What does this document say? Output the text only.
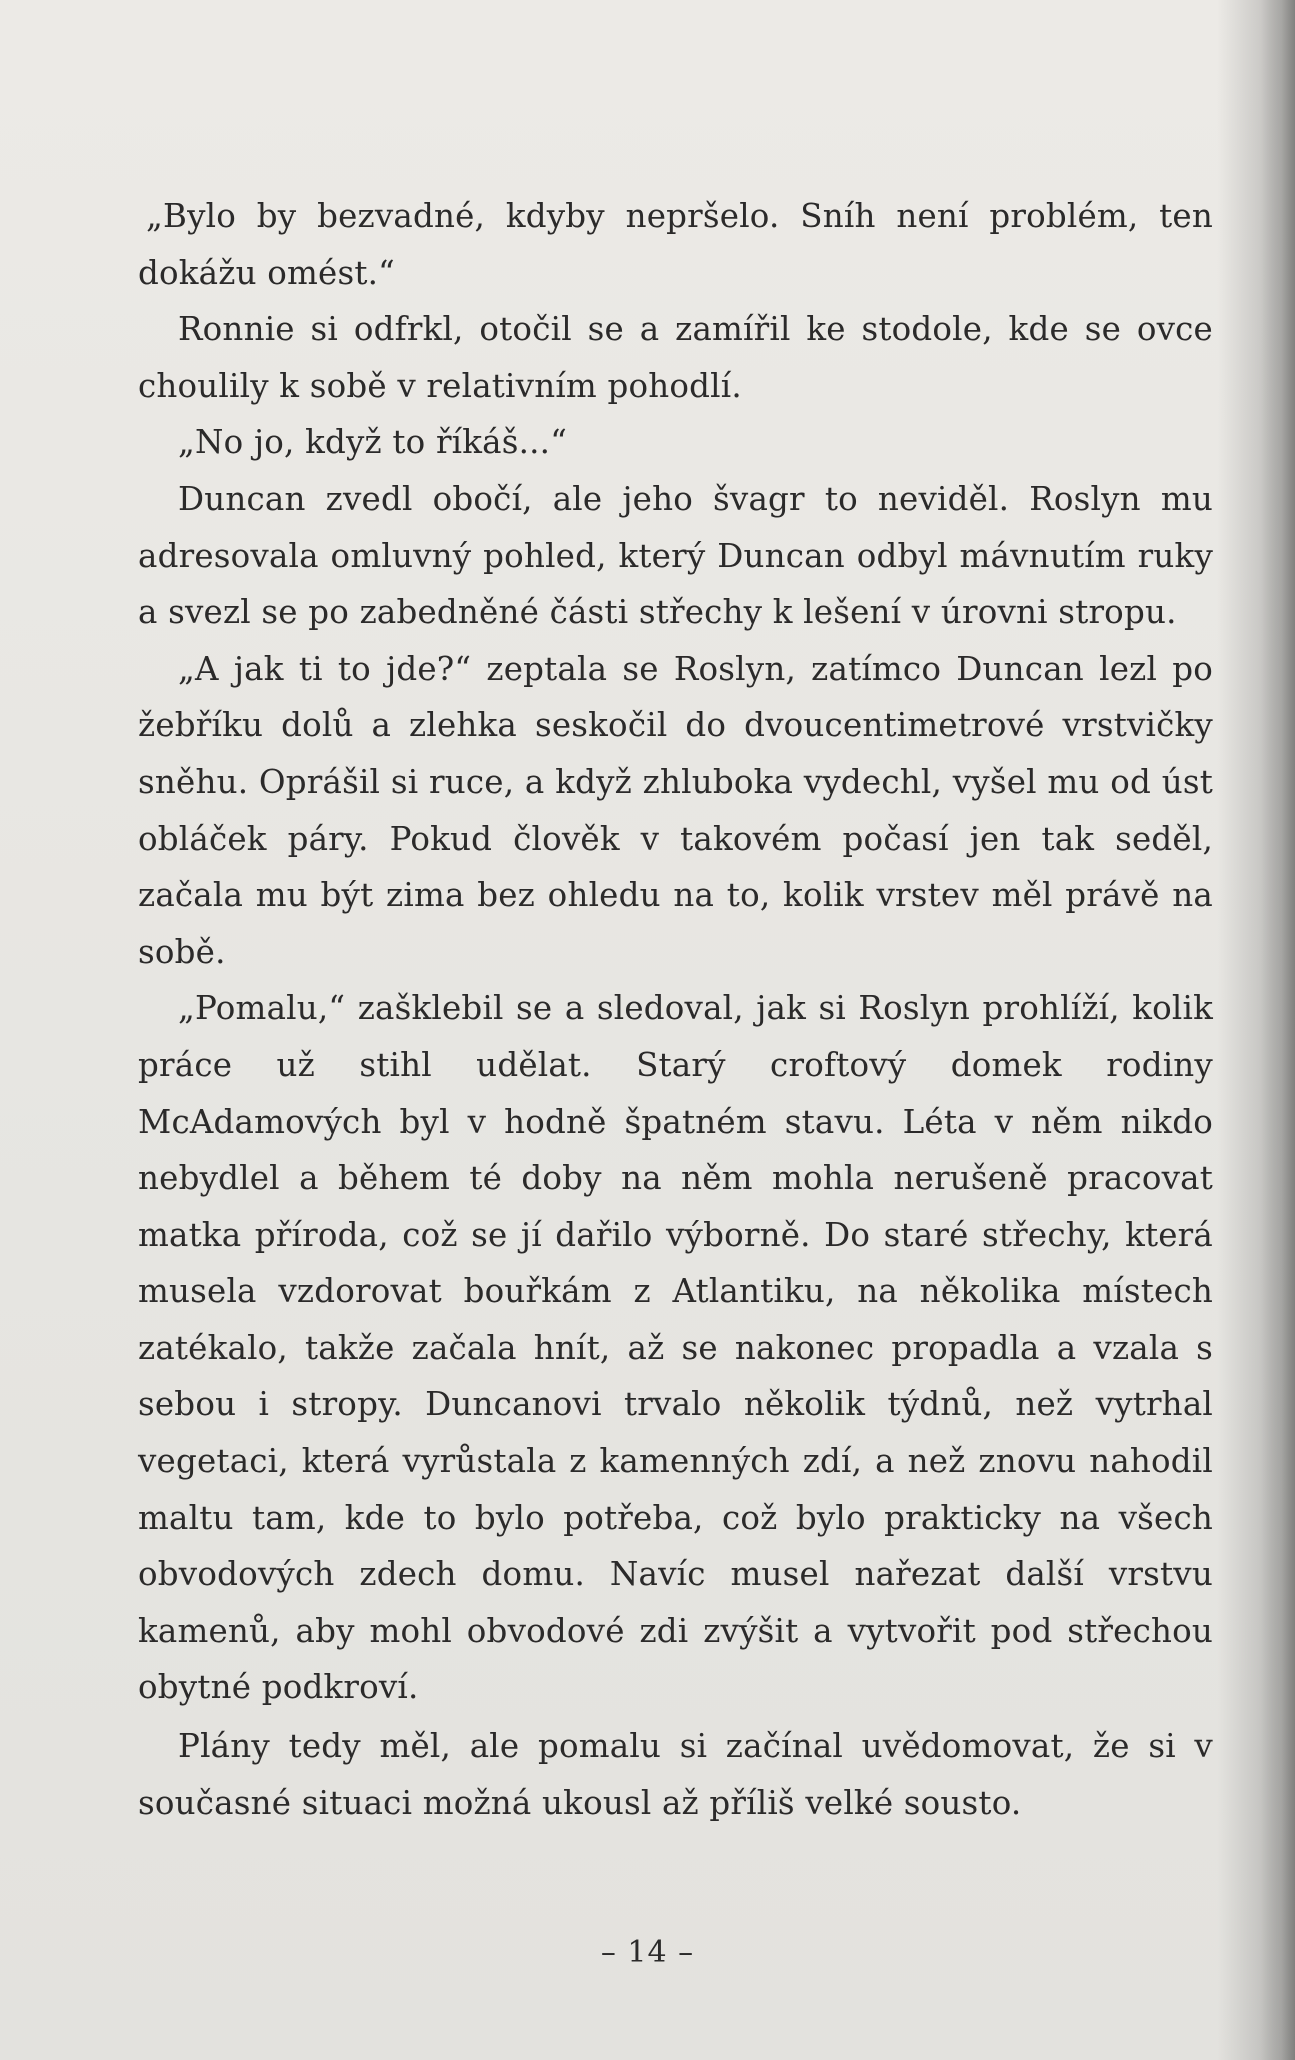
„Bylo by bezvadné, kdyby nepršelo. Sníh není problém, ten dokážu omést.“

Ronnie si odfrkl, otočil se a zamířil ke stodole, kde se ovce choulily k sobě v relativním pohodlí.

„No jo, když to říkáš...“

Duncan zvedl obočí, ale jeho švagr to neviděl. Roslyn mu adresovala omluvný pohled, který Duncan odbyl mávnutím ruky a svezl se po zabedněné části střechy k lešení v úrovni stropu.

„A jak ti to jde?“ zeptala se Roslyn, zatímco Duncan lezl po žebříku dolů a zlehka seskočil do dvoucentimetrové vrstvičky sněhu. Oprášil si ruce, a když zhluboka vydechl, vyšel mu od úst obláček páry. Pokud člověk v takovém počasí jen tak seděl, začala mu být zima bez ohledu na to, kolik vrstev měl právě na sobě.

„Pomalu,“ zašklebil se a sledoval, jak si Roslyn prohlíží, kolik práce už stihl udělat. Starý croftový domek rodiny McAdamových byl v hodně špatném stavu. Léta v něm nikdo nebydlel a během té doby na něm mohla nerušeně pracovat matka příroda, což se jí dařilo výborně. Do staré střechy, která musela vzdorovat bouřkám z Atlantiku, na několika místech zatékalo, takže začala hnít, až se nakonec propadla a vzala s sebou i stropy. Duncanovi trvalo několik týdnů, než vytrhal vegetaci, která vyrůstala z kamenných zdí, a než znovu nahodil maltu tam, kde to bylo potřeba, což bylo prakticky na všech obvodových zdech domu. Navíc musel nařezat další vrstvu kamenů, aby mohl obvodové zdi zvýšit a vytvořit pod střechou obytné podkroví.

Plány tedy měl, ale pomalu si začínal uvědomovat, že si v současné situaci možná ukousl až příliš velké sousto.

– 14 –
